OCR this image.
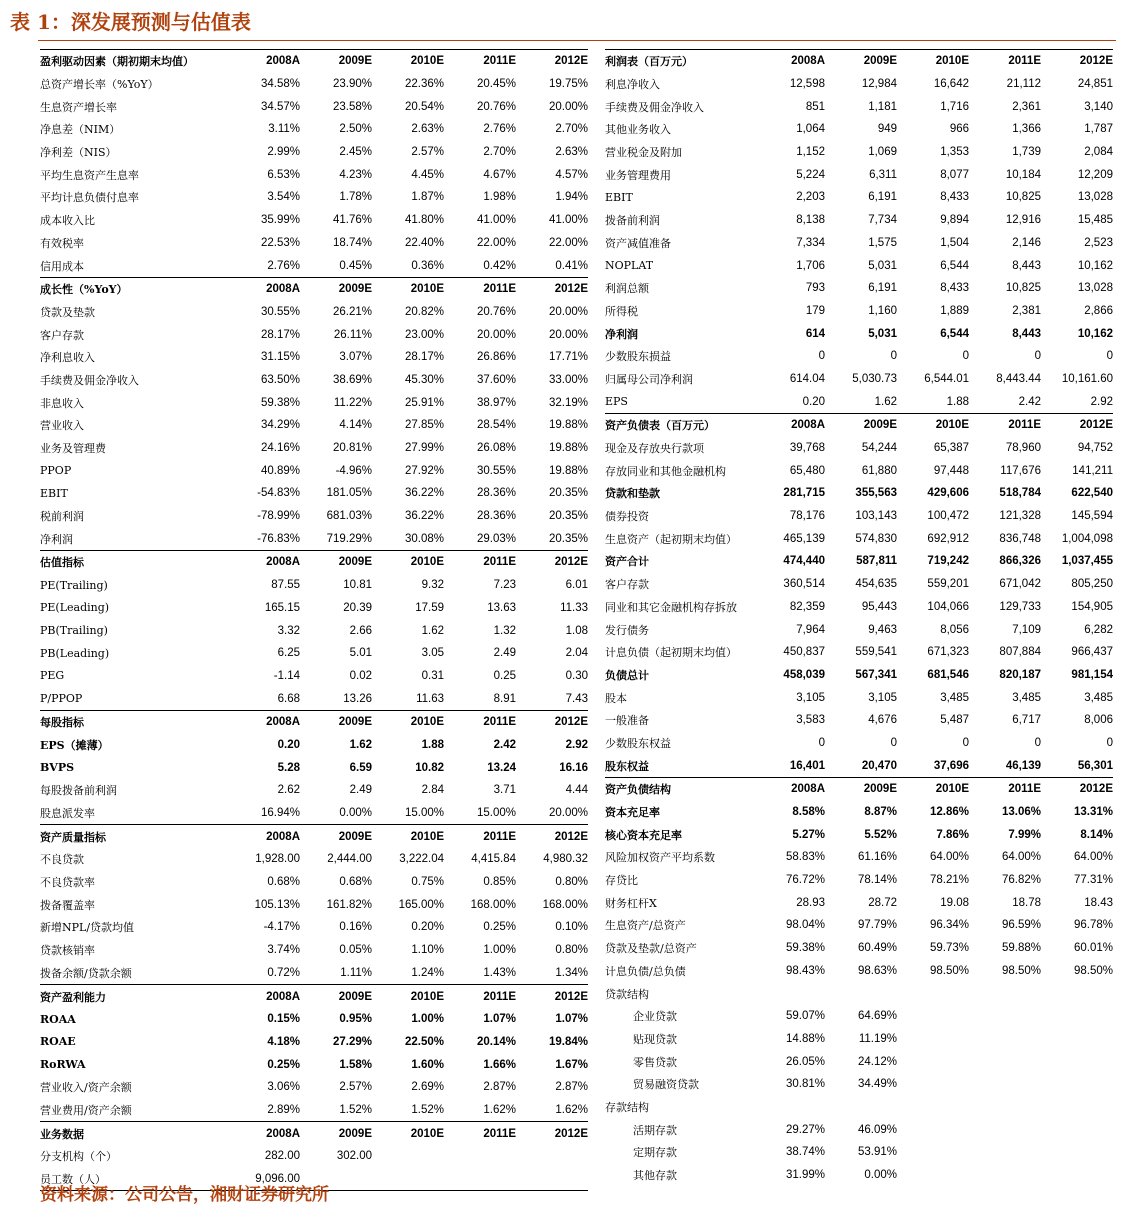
表 1：深发展预测与估值表
盈利驱动因素（期初期末均值）	2008A	2009E	2010E	2011E	2012E
总资产增长率（%YoY）	34.58%	23.90%	22.36%	20.45%	19.75%
生息资产增长率	34.57%	23.58%	20.54%	20.76%	20.00%
净息差（NIM）	3.11%	2.50%	2.63%	2.76%	2.70%
净利差（NIS）	2.99%	2.45%	2.57%	2.70%	2.63%
平均生息资产生息率	6.53%	4.23%	4.45%	4.67%	4.57%
平均计息负债付息率	3.54%	1.78%	1.87%	1.98%	1.94%
成本收入比	35.99%	41.76%	41.80%	41.00%	41.00%
有效税率	22.53%	18.74%	22.40%	22.00%	22.00%
信用成本	2.76%	0.45%	0.36%	0.42%	0.41%
成长性（%YoY）	2008A	2009E	2010E	2011E	2012E
贷款及垫款	30.55%	26.21%	20.82%	20.76%	20.00%
客户存款	28.17%	26.11%	23.00%	20.00%	20.00%
净利息收入	31.15%	3.07%	28.17%	26.86%	17.71%
手续费及佣金净收入	63.50%	38.69%	45.30%	37.60%	33.00%
非息收入	59.38%	11.22%	25.91%	38.97%	32.19%
营业收入	34.29%	4.14%	27.85%	28.54%	19.88%
业务及管理费	24.16%	20.81%	27.99%	26.08%	19.88%
PPOP	40.89%	-4.96%	27.92%	30.55%	19.88%
EBIT	-54.83%	181.05%	36.22%	28.36%	20.35%
税前利润	-78.99%	681.03%	36.22%	28.36%	20.35%
净利润	-76.83%	719.29%	30.08%	29.03%	20.35%
估值指标	2008A	2009E	2010E	2011E	2012E
PE(Trailing)	87.55	10.81	9.32	7.23	6.01
PE(Leading)	165.15	20.39	17.59	13.63	11.33
PB(Trailing)	3.32	2.66	1.62	1.32	1.08
PB(Leading)	6.25	5.01	3.05	2.49	2.04
PEG	-1.14	0.02	0.31	0.25	0.30
P/PPOP	6.68	13.26	11.63	8.91	7.43
每股指标	2008A	2009E	2010E	2011E	2012E
EPS（摊薄）	0.20	1.62	1.88	2.42	2.92
BVPS	5.28	6.59	10.82	13.24	16.16
每股拨备前利润	2.62	2.49	2.84	3.71	4.44
股息派发率	16.94%	0.00%	15.00%	15.00%	20.00%
资产质量指标	2008A	2009E	2010E	2011E	2012E
不良贷款	1,928.00	2,444.00	3,222.04	4,415.84	4,980.32
不良贷款率	0.68%	0.68%	0.75%	0.85%	0.80%
拨备覆盖率	105.13%	161.82%	165.00%	168.00%	168.00%
新增NPL/贷款均值	-4.17%	0.16%	0.20%	0.25%	0.10%
贷款核销率	3.74%	0.05%	1.10%	1.00%	0.80%
拨备余额/贷款余额	0.72%	1.11%	1.24%	1.43%	1.34%
资产盈利能力	2008A	2009E	2010E	2011E	2012E
ROAA	0.15%	0.95%	1.00%	1.07%	1.07%
ROAE	4.18%	27.29%	22.50%	20.14%	19.84%
RoRWA	0.25%	1.58%	1.60%	1.66%	1.67%
营业收入/资产余额	3.06%	2.57%	2.69%	2.87%	2.87%
营业费用/资产余额	2.89%	1.52%	1.52%	1.62%	1.62%
业务数据	2008A	2009E	2010E	2011E	2012E
分支机构（个）	282.00	302.00
员工数（人）	9,096.00
利润表（百万元）	2008A	2009E	2010E	2011E	2012E
利息净收入	12,598	12,984	16,642	21,112	24,851
手续费及佣金净收入	851	1,181	1,716	2,361	3,140
其他业务收入	1,064	949	966	1,366	1,787
营业税金及附加	1,152	1,069	1,353	1,739	2,084
业务管理费用	5,224	6,311	8,077	10,184	12,209
EBIT	2,203	6,191	8,433	10,825	13,028
拨备前利润	8,138	7,734	9,894	12,916	15,485
资产减值准备	7,334	1,575	1,504	2,146	2,523
NOPLAT	1,706	5,031	6,544	8,443	10,162
利润总额	793	6,191	8,433	10,825	13,028
所得税	179	1,160	1,889	2,381	2,866
净利润	614	5,031	6,544	8,443	10,162
少数股东损益	0	0	0	0	0
归属母公司净利润	614.04	5,030.73	6,544.01	8,443.44	10,161.60
EPS	0.20	1.62	1.88	2.42	2.92
资产负债表（百万元）	2008A	2009E	2010E	2011E	2012E
现金及存放央行款项	39,768	54,244	65,387	78,960	94,752
存放同业和其他金融机构	65,480	61,880	97,448	117,676	141,211
贷款和垫款	281,715	355,563	429,606	518,784	622,540
债券投资	78,176	103,143	100,472	121,328	145,594
生息资产（起初期末均值）	465,139	574,830	692,912	836,748	1,004,098
资产合计	474,440	587,811	719,242	866,326	1,037,455
客户存款	360,514	454,635	559,201	671,042	805,250
同业和其它金融机构存拆放	82,359	95,443	104,066	129,733	154,905
发行债务	7,964	9,463	8,056	7,109	6,282
计息负债（起初期末均值）	450,837	559,541	671,323	807,884	966,437
负债总计	458,039	567,341	681,546	820,187	981,154
股本	3,105	3,105	3,485	3,485	3,485
一般准备	3,583	4,676	5,487	6,717	8,006
少数股东权益	0	0	0	0	0
股东权益	16,401	20,470	37,696	46,139	56,301
资产负债结构	2008A	2009E	2010E	2011E	2012E
资本充足率	8.58%	8.87%	12.86%	13.06%	13.31%
核心资本充足率	5.27%	5.52%	7.86%	7.99%	8.14%
风险加权资产平均系数	58.83%	61.16%	64.00%	64.00%	64.00%
存贷比	76.72%	78.14%	78.21%	76.82%	77.31%
财务杠杆X	28.93	28.72	19.08	18.78	18.43
生息资产/总资产	98.04%	97.79%	96.34%	96.59%	96.78%
贷款及垫款/总资产	59.38%	60.49%	59.73%	59.88%	60.01%
计息负债/总负债	98.43%	98.63%	98.50%	98.50%	98.50%
贷款结构
企业贷款	59.07%	64.69%
贴现贷款	14.88%	11.19%
零售贷款	26.05%	24.12%
贸易融资贷款	30.81%	34.49%
存款结构
活期存款	29.27%	46.09%
定期存款	38.74%	53.91%
其他存款	31.99%	0.00%
资料来源：公司公告，湘财证券研究所
